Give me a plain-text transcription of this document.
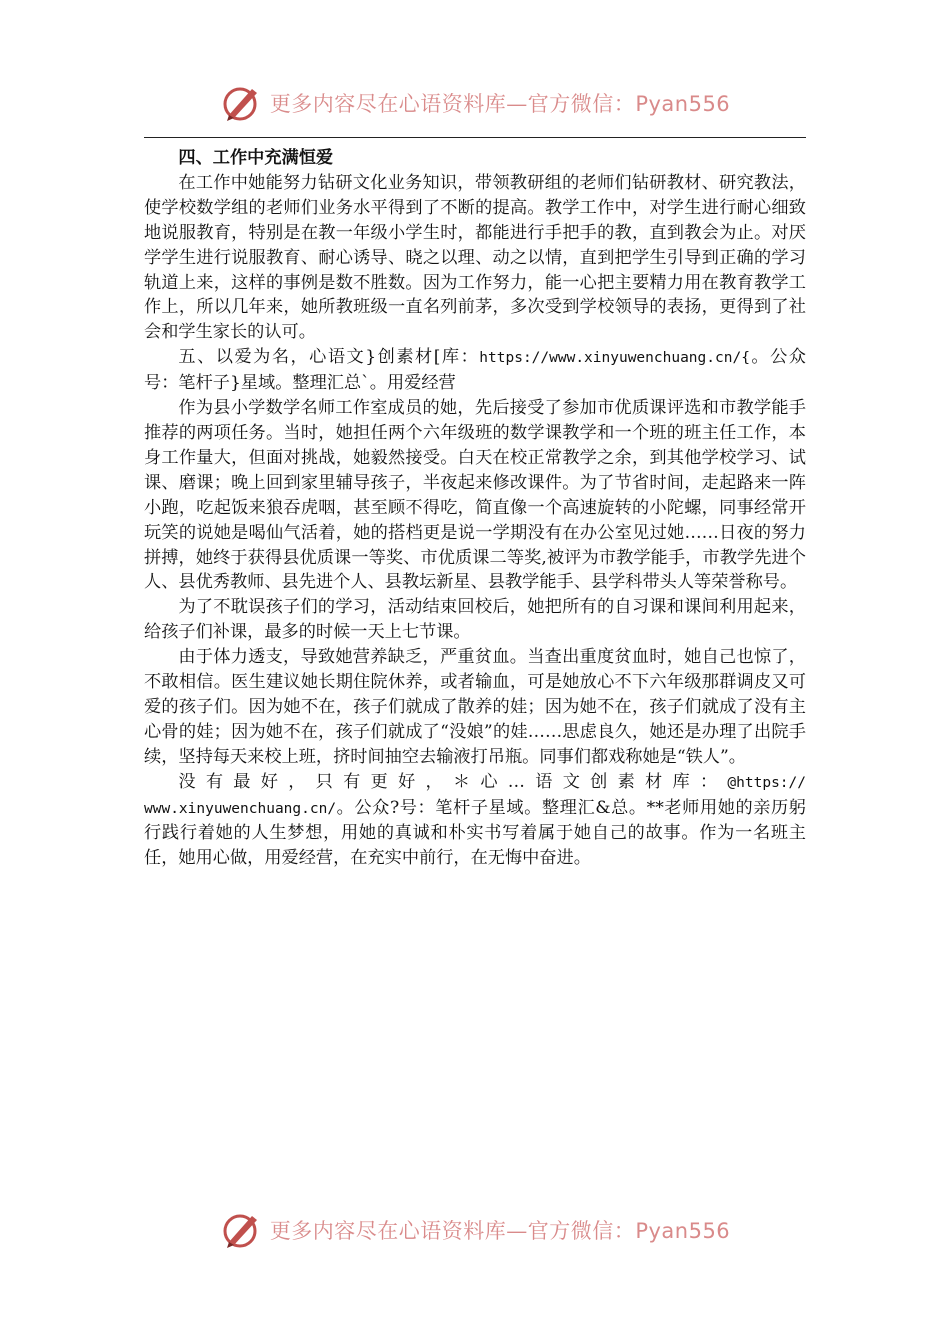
更多内容尽在心语资料库—官方微信：Pyan556

四、工作中充满恒爱

在工作中她能努力钻研文化业务知识，带领教研组的老师们钻研教材、研究教法，使学校数学组的老师们业务水平得到了不断的提高。教学工作中，对学生进行耐心细致地说服教育，特别是在教一年级小学生时，都能进行手把手的教，直到教会为止。对厌学学生进行说服教育、耐心诱导、晓之以理、动之以情，直到把学生引导到正确的学习轨道上来，这样的事例是数不胜数。因为工作努力，能一心把主要精力用在教育教学工作上，所以几年来，她所教班级一直名列前茅，多次受到学校领导的表扬，更得到了社会和学生家长的认可。

五、以爱为名，心语文}创素材[库：https://www.xinyuwenchuang.cn/{。公众号：笔杆子}星域。整理汇总`。用爱经营

作为县小学数学名师工作室成员的她，先后接受了参加市优质课评选和市教学能手推荐的两项任务。当时，她担任两个六年级班的数学课教学和一个班的班主任工作，本身工作量大，但面对挑战，她毅然接受。白天在校正常教学之余，到其他学校学习、试课、磨课；晚上回到家里辅导孩子，半夜起来修改课件。为了节省时间，走起路来一阵小跑，吃起饭来狼吞虎咽，甚至顾不得吃，简直像一个高速旋转的小陀螺，同事经常开玩笑的说她是喝仙气活着，她的搭档更是说一学期没有在办公室见过她……日夜的努力拼搏，她终于获得县优质课一等奖、市优质课二等奖,被评为市教学能手，市教学先进个人、县优秀教师、县先进个人、县教坛新星、县教学能手、县学科带头人等荣誉称号。

为了不耽误孩子们的学习，活动结束回校后，她把所有的自习课和课间利用起来，给孩子们补课，最多的时候一天上七节课。

由于体力透支，导致她营养缺乏，严重贫血。当查出重度贫血时，她自己也惊了，不敢相信。医生建议她长期住院休养，或者输血，可是她放心不下六年级那群调皮又可爱的孩子们。因为她不在，孩子们就成了散养的娃；因为她不在，孩子们就成了没有主心骨的娃；因为她不在，孩子们就成了“没娘”的娃……思虑良久，她还是办理了出院手续，坚持每天来校上班，挤时间抽空去输液打吊瓶。同事们都戏称她是“铁人”。

没有最好，只有更好，＊心…语文创素材库：@https:// www.xinyuwenchuang.cn/。公众?号：笔杆子星域。整理汇&总。**老师用她的亲历躬行践行着她的人生梦想，用她的真诚和朴实书写着属于她自己的故事。作为一名班主任，她用心做，用爱经营，在充实中前行，在无悔中奋进。

更多内容尽在心语资料库—官方微信：Pyan556
